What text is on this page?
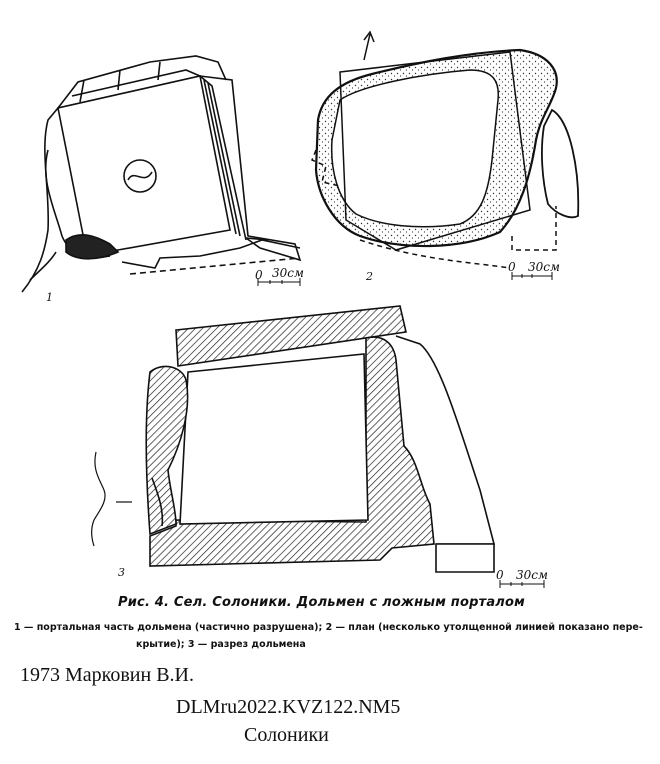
1
0 30см	2
0 30см
3	0 30см
Рис. 4. Сел. Солоники. Дольмен с ложным порталом
1 — портальная часть дольмена (частично разрушена); 2 — план (несколько утолщенной линией показано пере-
крытие); 3 — разрез дольмена
1973 Марковин В.И.
DLMru2022.KVZ122.NM5
Солоники
